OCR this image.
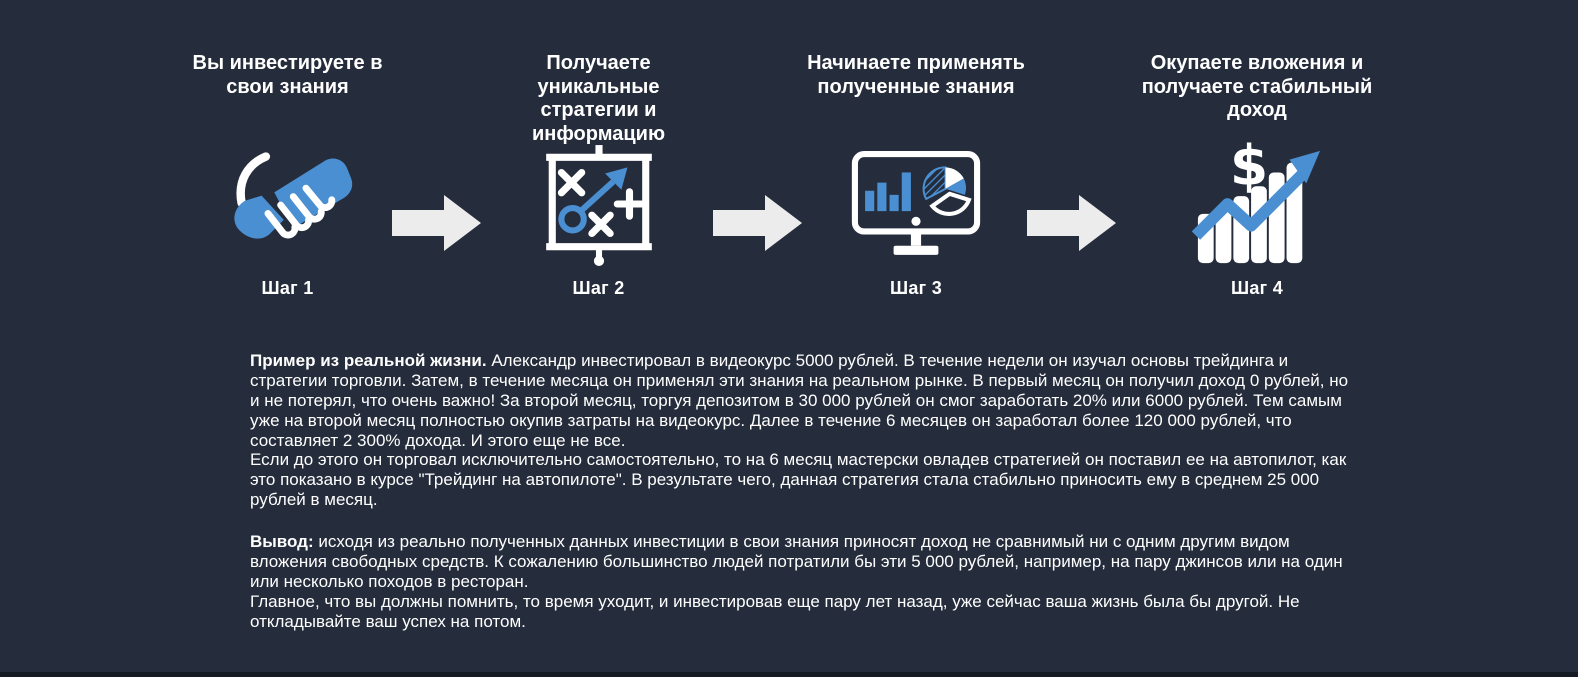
Вы инвестируете в свои знания
Шаг 1
Получаете уникальные стратегии и информацию
Шаг 2
Начинаете применять полученные знания
Шаг 3
Окупаете вложения и получаете стабильный доход
$
Шаг 4

Пример из реальной жизни. Александр инвестировал в видеокурс 5000 рублей. В течение недели он изучал основы трейдинга и стратегии торговли. Затем, в течение месяца он применял эти знания на реальном рынке. В первый месяц он получил доход 0 рублей, но и не потерял, что очень важно! За второй месяц, торгуя депозитом в 30 000 рублей он смог заработать 20% или 6000 рублей. Тем самым уже на второй месяц полностью окупив затраты на видеокурс. Далее в течение 6 месяцев он заработал более 120 000 рублей, что составляет 2 300% дохода. И этого еще не все.
Если до этого он торговал исключительно самостоятельно, то на 6 месяц мастерски овладев стратегией он поставил ее на автопилот, как это показано в курсе "Трейдинг на автопилоте". В результате чего, данная стратегия стала стабильно приносить ему в среднем 25 000 рублей в месяц.

Вывод: исходя из реально полученных данных инвестиции в свои знания приносят доход не сравнимый ни с одним другим видом вложения свободных средств. К сожалению большинство людей потратили бы эти 5 000 рублей, например, на пару джинсов или на один или несколько походов в ресторан.
Главное, что вы должны помнить, то время уходит, и инвестировав еще пару лет назад, уже сейчас ваша жизнь была бы другой. Не откладывайте ваш успех на потом.
